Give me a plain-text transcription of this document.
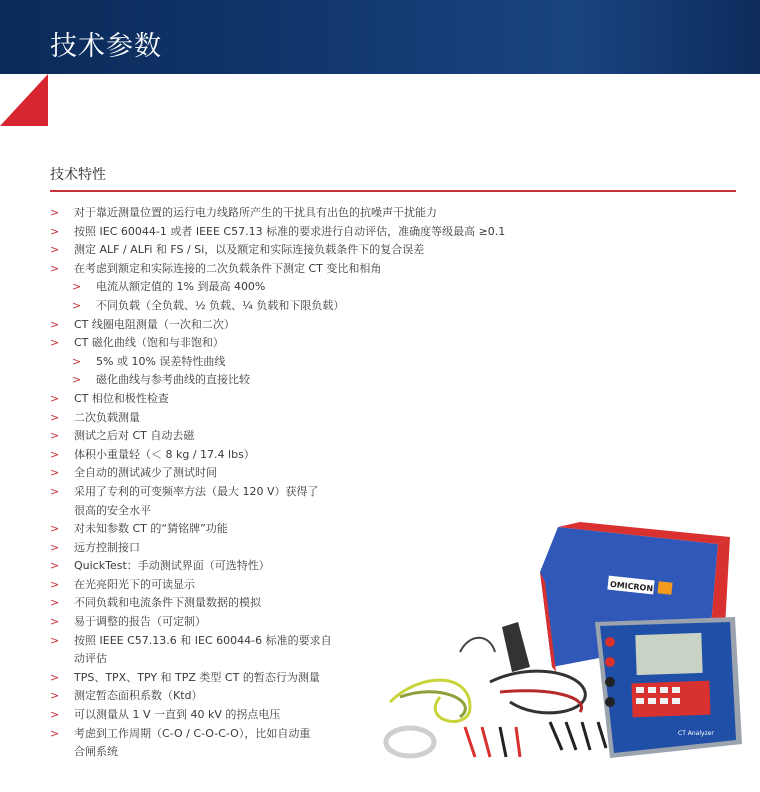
技术参数
技术特性
> 对于靠近测量位置的运行电力线路所产生的干扰具有出色的抗噪声干扰能力
> 按照 IEC 60044-1 或者 IEEE C57.13 标准的要求进行自动评估，准确度等级最高 ≥0.1
> 测定 ALF / ALFi 和 FS / Si，以及额定和实际连接负载条件下的复合误差
> 在考虑到额定和实际连接的二次负载条件下测定 CT 变比和相角
> 电流从额定值的 1% 到最高 400%
> 不同负载（全负载、½ 负载、¼ 负载和下限负载）
> CT 线圈电阻测量（一次和二次）
> CT 磁化曲线（饱和与非饱和）
> 5% 或 10% 误差特性曲线
> 磁化曲线与参考曲线的直接比较
> CT 相位和极性检查
> 二次负载测量
> 测试之后对 CT 自动去磁
> 体积小重量轻（＜ 8 kg / 17.4 lbs）
> 全自动的测试减少了测试时间
> 采用了专利的可变频率方法（最大 120 V）获得了
很高的安全水平
> 对未知参数 CT 的“猜铭牌”功能
> 远方控制接口
> QuickTest：手动测试界面（可选特性）
> 在光亮阳光下的可读显示
> 不同负载和电流条件下测量数据的模拟
> 易于调整的报告（可定制）
> 按照 IEEE C57.13.6 和 IEC 60044-6 标准的要求自
动评估
> TPS、TPX、TPY 和 TPZ 类型 CT 的暂态行为测量
> 测定暂态面积系数（Ktd）
> 可以测量从 1 V 一直到 40 kV 的拐点电压
> 考虑到工作周期（C-O / C-O-C-O），比如自动重
合闸系统
OMICRON
CT Analyzer
